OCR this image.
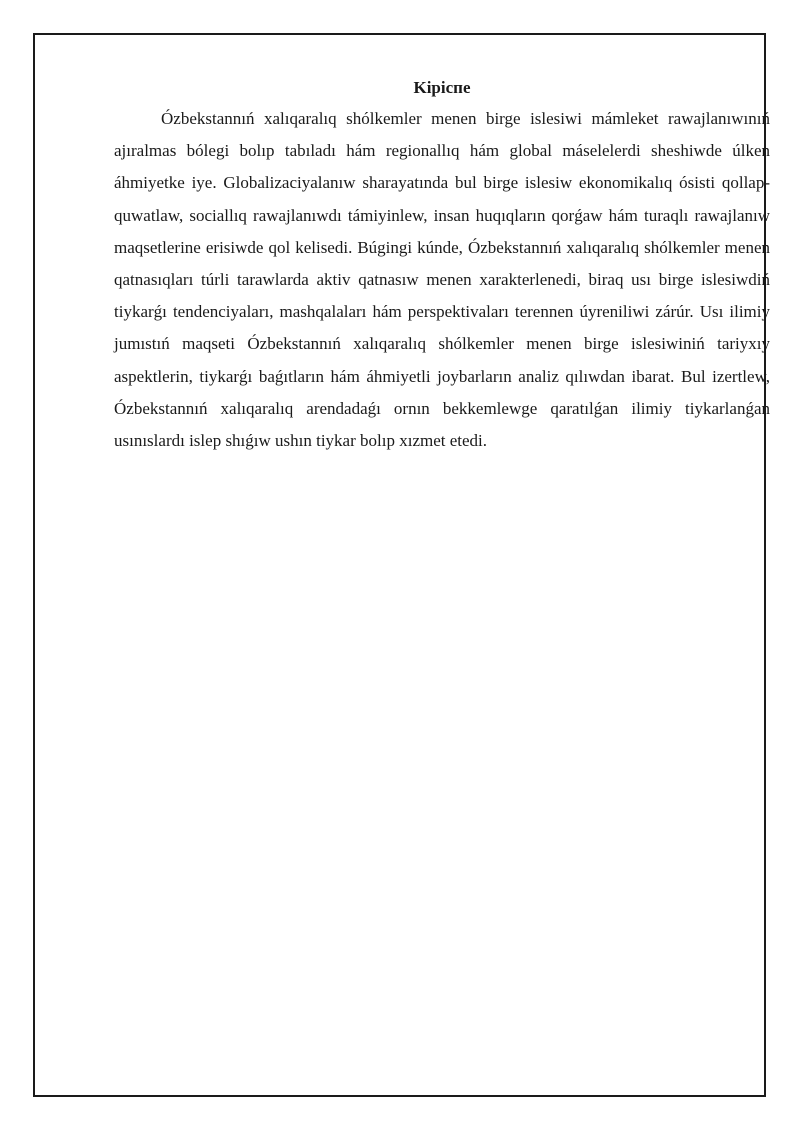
Kipicпe

Ózbekstannıń xalıqaralıq shólkemler menen birge islesiwi mámleket rawajlanıwınıń ajıralmas bólegi bolıp tabıladı hám regionallıq hám global máselelerdi sheshiwde úlken áhmiyetke iye. Globalizaciyalanıw sharayatında bul birge islesiw ekonomikalıq ósisti qollap-quwatlaw, sociallıq rawajlanıwdı támiyinlew, insan huqıqların qorǵaw hám turaqlı rawajlanıw maqsetlerine erisiwde qol kelisedi. Búgingi kúnde, Ózbekstannıń xalıqaralıq shólkemler menen qatnasıqları túrli tarawlarda aktiv qatnasıw menen xarakterlenedi, biraq usı birge islesiwdiń tiykarǵı tendenciyaları, mashqalaları hám perspektivaları terennen úyreniliwi zárúr. Usı ilimiy jumıstıń maqseti Ózbekstannıń xalıqaralıq shólkemler menen birge islesiwiniń tariyxıy aspektlerin, tiykarǵı baǵıtların hám áhmiyetli joybarların analiz qılıwdan ibarat. Bul izertlew, Ózbekstannıń xalıqaralıq arendadaǵı ornın bekkemlewge qaratılǵan ilimiy tiykarlanǵan usınıslardı islep shıǵıw ushın tiykar bolıp xızmet etedi.
